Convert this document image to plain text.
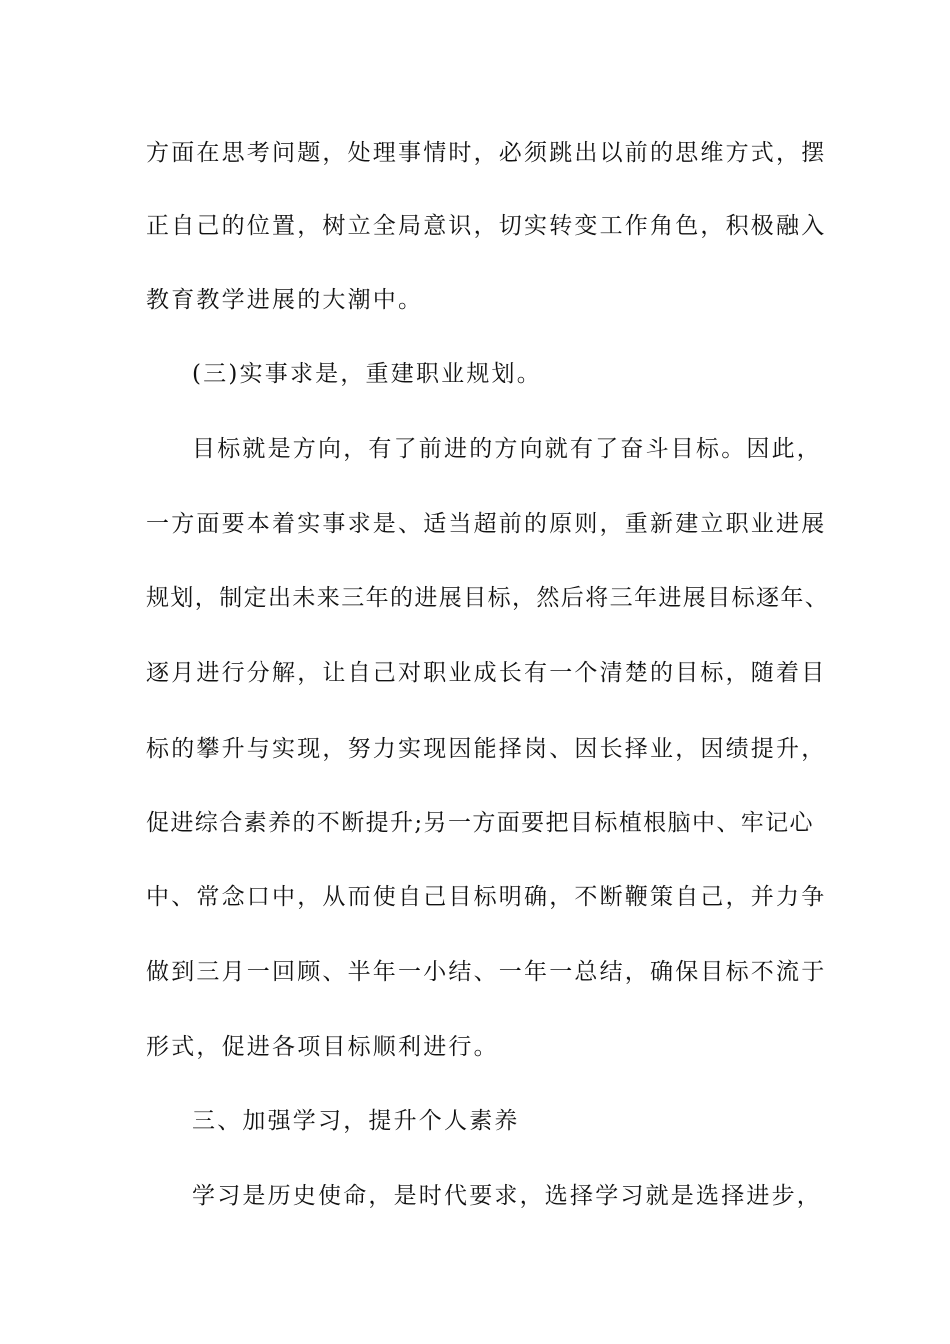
方面在思考问题，处理事情时，必须跳出以前的思维方式，摆
正自己的位置，树立全局意识，切实转变工作角色，积极融入
教育教学进展的大潮中。
(三)实事求是，重建职业规划。
目标就是方向，有了前进的方向就有了奋斗目标。因此，
一方面要本着实事求是、适当超前的原则，重新建立职业进展
规划，制定出未来三年的进展目标，然后将三年进展目标逐年、
逐月进行分解，让自己对职业成长有一个清楚的目标，随着目
标的攀升与实现，努力实现因能择岗、因长择业，因绩提升，
促进综合素养的不断提升;另一方面要把目标植根脑中、牢记心
中、常念口中，从而使自己目标明确，不断鞭策自己，并力争
做到三月一回顾、半年一小结、一年一总结，确保目标不流于
形式，促进各项目标顺利进行。
三、加强学习，提升个人素养
学习是历史使命，是时代要求，选择学习就是选择进步，
